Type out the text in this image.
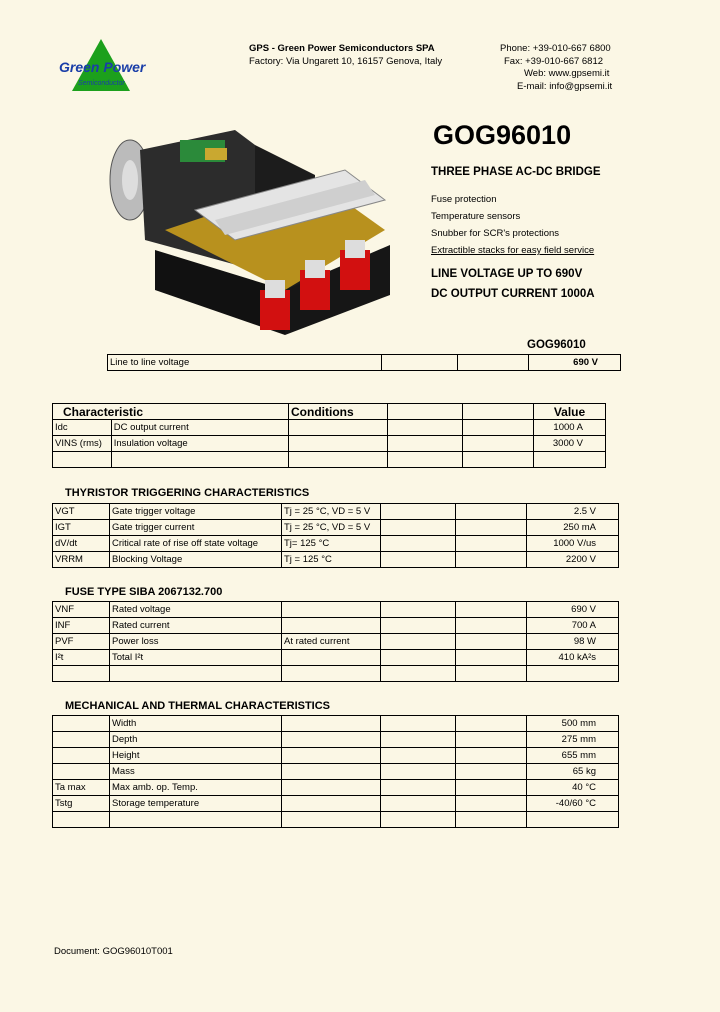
Green Power
Semiconductor
GPS - Green Power Semiconductors SPA
Factory: Via Ungarett 10, 16157 Genova, Italy
Phone: +39-010-667 6800
Fax: +39-010-667 6812
Web: www.gpsemi.it
E-mail: info@gpsemi.it
GOG96010
THREE PHASE AC-DC BRIDGE
Fuse protection
Temperature sensors
Snubber for SCR's protections
Extractible stacks for easy field service
LINE VOLTAGE UP TO 690V
DC OUTPUT CURRENT 1000A
GOG96010
Line to line voltage			690 V
Characteristic		Conditions			Value
Idc	DC output current				1000 A
VINS (rms)	Insulation voltage				3000 V

THYRISTOR TRIGGERING CHARACTERISTICS
VGT	Gate trigger voltage	Tj = 25 °C, VD = 5 V			2.5 V
IGT	Gate trigger current	Tj = 25 °C, VD = 5 V			250 mA
dV/dt	Critical rate of rise off state voltage	Tj= 125 °C			1000 V/us
VRRM	Blocking Voltage	Tj = 125 °C			2200 V
FUSE TYPE SIBA 2067132.700
VNF	Rated voltage				690 V
INF	Rated current				700 A
PVF	Power loss	At rated current			98 W
I²t	Total I²t				410 kA²s

MECHANICAL AND THERMAL CHARACTERISTICS
	Width				500 mm
	Depth				275 mm
	Height				655 mm
	Mass				65 kg
Ta max	Max amb. op. Temp.				40 °C
Tstg	Storage temperature				-40/60 °C

Document: GOG96010T001
